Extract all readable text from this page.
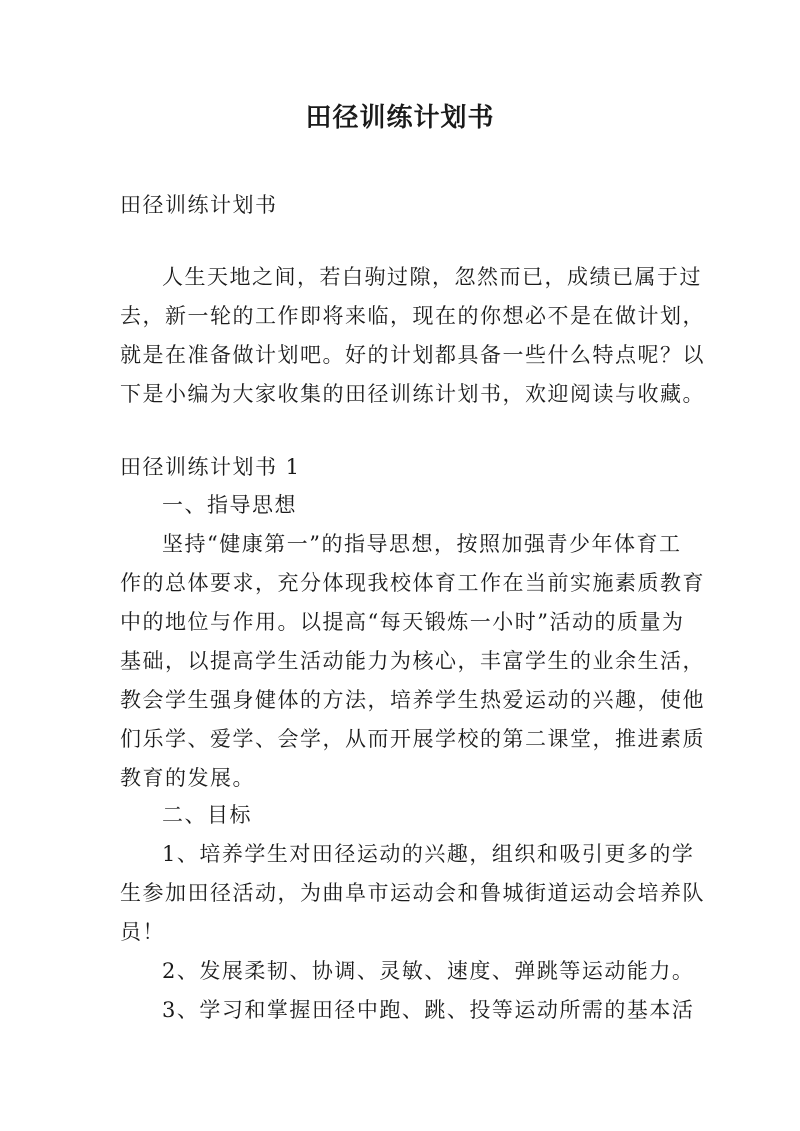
田径训练计划书
田径训练计划书
人生天地之间，若白驹过隙，忽然而已，成绩已属于过
去，新一轮的工作即将来临，现在的你想必不是在做计划，
就是在准备做计划吧。好的计划都具备一些什么特点呢？以
下是小编为大家收集的田径训练计划书，欢迎阅读与收藏。
田径训练计划书 1
一、指导思想
坚持“健康第一”的指导思想，按照加强青少年体育工
作的总体要求，充分体现我校体育工作在当前实施素质教育
中的地位与作用。以提高“每天锻炼一小时”活动的质量为
基础，以提高学生活动能力为核心，丰富学生的业余生活，
教会学生强身健体的方法，培养学生热爱运动的兴趣，使他
们乐学、爱学、会学，从而开展学校的第二课堂，推进素质
教育的发展。
二、目标
1、培养学生对田径运动的兴趣，组织和吸引更多的学
生参加田径活动，为曲阜市运动会和鲁城街道运动会培养队
员！
2、发展柔韧、协调、灵敏、速度、弹跳等运动能力。
3、学习和掌握田径中跑、跳、投等运动所需的基本活
